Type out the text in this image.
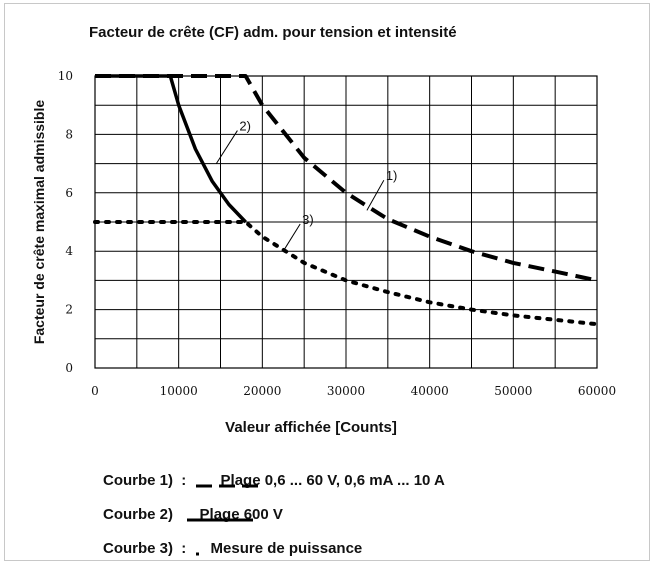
Facteur de crête (CF) adm. pour tension et intensité
Facteur de crête maximal admissible
Valeur affichée [Counts]
0	10000	20000	30000	40000	50000	60000
0
2
4
6
8
10
1)
2)
3)
Courbe 1) : Plage 0,6 ... 60 V, 0,6 mA ... 10 A
Courbe 2) Plage 600 V
Courbe 3) : Mesure de puissance
